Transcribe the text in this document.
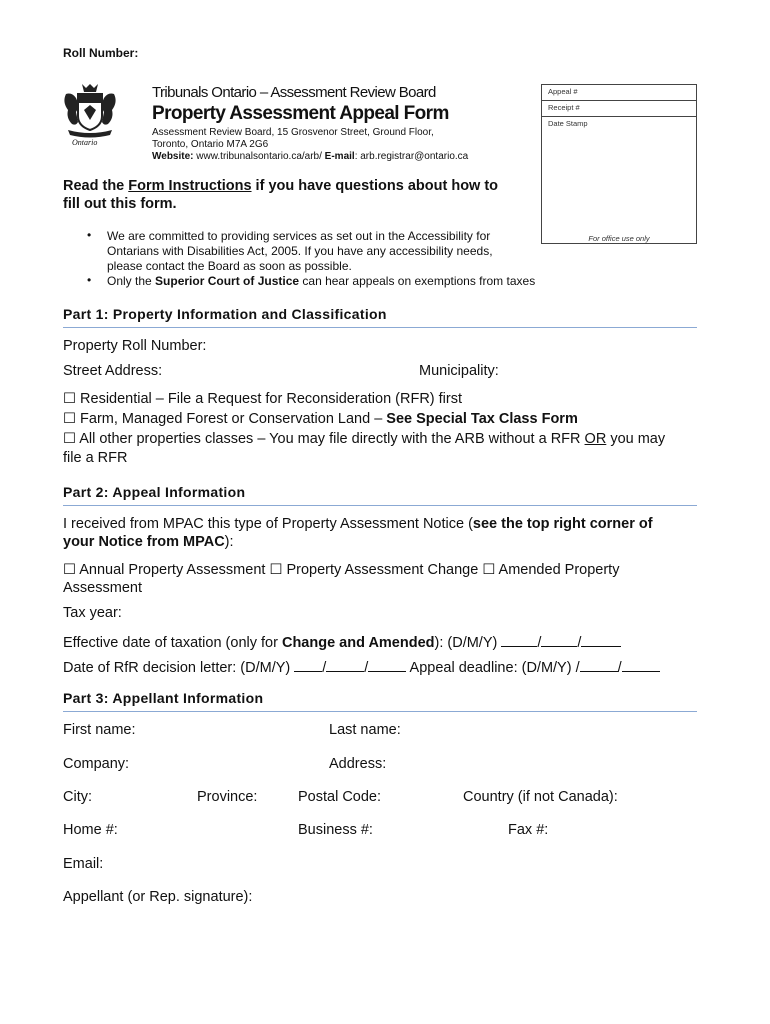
Roll Number:
Ontario
Tribunals Ontario – Assessment Review Board
Property Assessment Appeal Form
Assessment Review Board, 15 Grosvenor Street, Ground Floor,
Toronto, Ontario M7A 2G6
Website: www.tribunalsontario.ca/arb/ E-mail: arb.registrar@ontario.ca
Appeal #
Receipt #
Date Stamp
For office use only
Read the Form Instructions if you have questions about how to
fill out this form.
• We are committed to providing services as set out in the Accessibility for
Ontarians with Disabilities Act, 2005. If you have any accessibility needs,
please contact the Board as soon as possible.
• Only the Superior Court of Justice can hear appeals on exemptions from taxes
Part 1: Property Information and Classification
Property Roll Number:
Street Address:	Municipality:
☐ Residential – File a Request for Reconsideration (RFR) first
☐ Farm, Managed Forest or Conservation Land – See Special Tax Class Form
☐ All other properties classes – You may file directly with the ARB without a RFR OR you may
file a RFR
Part 2: Appeal Information
I received from MPAC this type of Property Assessment Notice (see the top right corner of
your Notice from MPAC):
☐ Annual Property Assessment ☐ Property Assessment Change ☐ Amended Property
Assessment
Tax year:
Effective date of taxation (only for Change and Amended): (D/M/Y) / /
Date of RfR decision letter: (D/M/Y) /	/	Appeal deadline: (D/M/Y) /	/
Part 3: Appellant Information
First name:	Last name:
Company:	Address:
City:	Province:	Postal Code:	Country (if not Canada):
Home #:	Business #:	Fax #:
Email:
Appellant (or Rep. signature):
